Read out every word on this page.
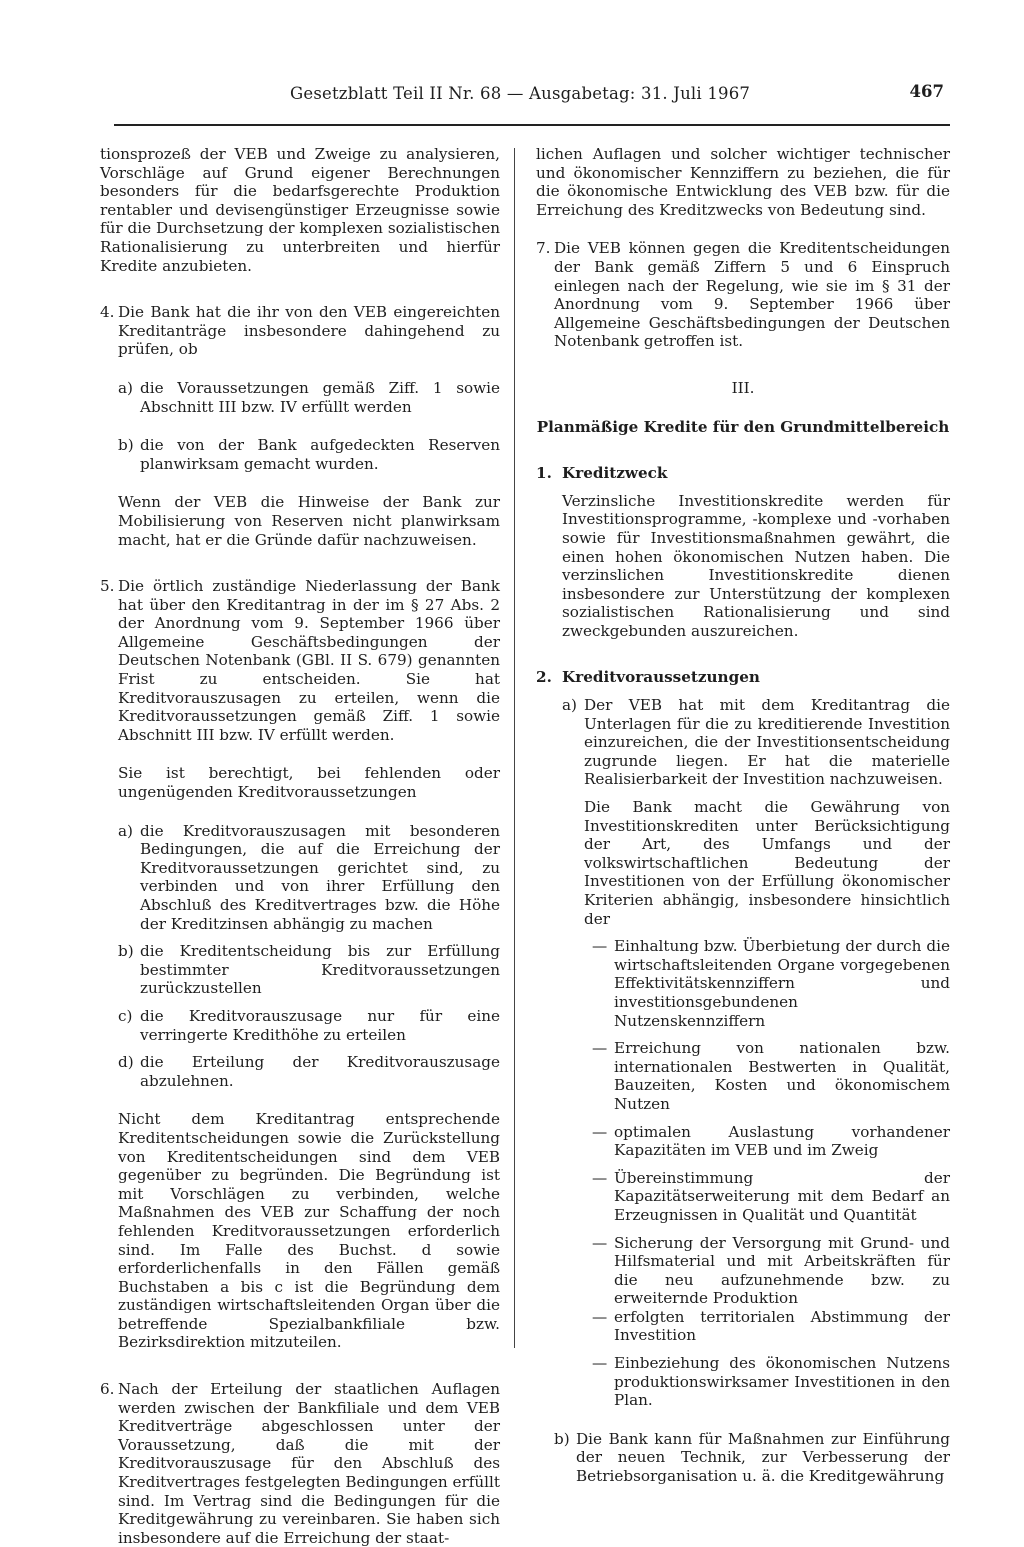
Gesetzblatt Teil II Nr. 68 — Ausgabetag: 31. Juli 1967	467

tionsprozeß der VEB und Zweige zu analysieren, Vorschläge auf Grund eigener Berechnungen besonders für die bedarfsgerechte Produktion rentabler und devisengünstiger Erzeugnisse sowie für die Durchsetzung der komplexen sozialistischen Rationalisierung zu unterbreiten und hierfür Kredite anzubieten.

4. Die Bank hat die ihr von den VEB eingereichten Kreditanträge insbesondere dahingehend zu prüfen, ob

a) die Voraussetzungen gemäß Ziff. 1 sowie Abschnitt III bzw. IV erfüllt werden

b) die von der Bank aufgedeckten Reserven planwirksam gemacht wurden.

Wenn der VEB die Hinweise der Bank zur Mobilisierung von Reserven nicht planwirksam macht, hat er die Gründe dafür nachzuweisen.

5. Die örtlich zuständige Niederlassung der Bank hat über den Kreditantrag in der im § 27 Abs. 2 der Anordnung vom 9. September 1966 über Allgemeine Geschäftsbedingungen der Deutschen Notenbank (GBl. II S. 679) genannten Frist zu entscheiden. Sie hat Kreditvorauszusagen zu erteilen, wenn die Kreditvoraussetzungen gemäß Ziff. 1 sowie Abschnitt III bzw. IV erfüllt werden.

Sie ist berechtigt, bei fehlenden oder ungenügenden Kreditvoraussetzungen

a) die Kreditvorauszusagen mit besonderen Bedingungen, die auf die Erreichung der Kreditvoraussetzungen gerichtet sind, zu verbinden und von ihrer Erfüllung den Abschluß des Kreditvertrages bzw. die Höhe der Kreditzinsen abhängig zu machen

b) die Kreditentscheidung bis zur Erfüllung bestimmter Kreditvoraussetzungen zurückzustellen

c) die Kreditvorauszusage nur für eine verringerte Kredithöhe zu erteilen

d) die Erteilung der Kreditvorauszusage abzulehnen.

Nicht dem Kreditantrag entsprechende Kreditentscheidungen sowie die Zurückstellung von Kreditentscheidungen sind dem VEB gegenüber zu begründen. Die Begründung ist mit Vorschlägen zu verbinden, welche Maßnahmen des VEB zur Schaffung der noch fehlenden Kreditvoraussetzungen erforderlich sind. Im Falle des Buchst. d sowie erforderlichenfalls in den Fällen gemäß Buchstaben a bis c ist die Begründung dem zuständigen wirtschaftsleitenden Organ über die betreffende Spezialbankfiliale bzw. Bezirksdirektion mitzuteilen.

6. Nach der Erteilung der staatlichen Auflagen werden zwischen der Bankfiliale und dem VEB Kreditverträge abgeschlossen unter der Voraussetzung, daß die mit der Kreditvorauszusage für den Abschluß des Kreditvertrages festgelegten Bedingungen erfüllt sind. Im Vertrag sind die Bedingungen für die Kreditgewährung zu vereinbaren. Sie haben sich insbesondere auf die Erreichung der staat-

lichen Auflagen und solcher wichtiger technischer und ökonomischer Kennziffern zu beziehen, die für die ökonomische Entwicklung des VEB bzw. für die Erreichung des Kreditzwecks von Bedeutung sind.

7. Die VEB können gegen die Kreditentscheidungen der Bank gemäß Ziffern 5 und 6 Einspruch einlegen nach der Regelung, wie sie im § 31 der Anordnung vom 9. September 1966 über Allgemeine Geschäftsbedingungen der Deutschen Notenbank getroffen ist.

III.

Planmäßige Kredite für den Grundmittelbereich

1. Kreditzweck

Verzinsliche Investitionskredite werden für Investitionsprogramme, -komplexe und -vorhaben sowie für Investitionsmaßnahmen gewährt, die einen hohen ökonomischen Nutzen haben. Die verzinslichen Investitionskredite dienen insbesondere zur Unterstützung der komplexen sozialistischen Rationalisierung und sind zweckgebunden auszureichen.

2. Kreditvoraussetzungen

a) Der VEB hat mit dem Kreditantrag die Unterlagen für die zu kreditierende Investition einzureichen, die der Investitionsentscheidung zugrunde liegen. Er hat die materielle Realisierbarkeit der Investition nachzuweisen.

Die Bank macht die Gewährung von Investitionskrediten unter Berücksichtigung der Art, des Umfangs und der volkswirtschaftlichen Bedeutung der Investitionen von der Erfüllung ökonomischer Kriterien abhängig, insbesondere hinsichtlich der

— Einhaltung bzw. Überbietung der durch die wirtschaftsleitenden Organe vorgegebenen Effektivitätskennziffern und investitionsgebundenen Nutzenskennziffern

— Erreichung von nationalen bzw. internationalen Bestwerten in Qualität, Bauzeiten, Kosten und ökonomischem Nutzen

— optimalen Auslastung vorhandener Kapazitäten im VEB und im Zweig

— Übereinstimmung der Kapazitätserweiterung mit dem Bedarf an Erzeugnissen in Qualität und Quantität

— Sicherung der Versorgung mit Grund- und Hilfsmaterial und mit Arbeitskräften für die neu aufzunehmende bzw. zu erweiternde Produktion

— erfolgten territorialen Abstimmung der Investition

— Einbeziehung des ökonomischen Nutzens produktionswirksamer Investitionen in den Plan.

b) Die Bank kann für Maßnahmen zur Einführung der neuen Technik, zur Verbesserung der Betriebsorganisation u. ä. die Kreditgewährung
